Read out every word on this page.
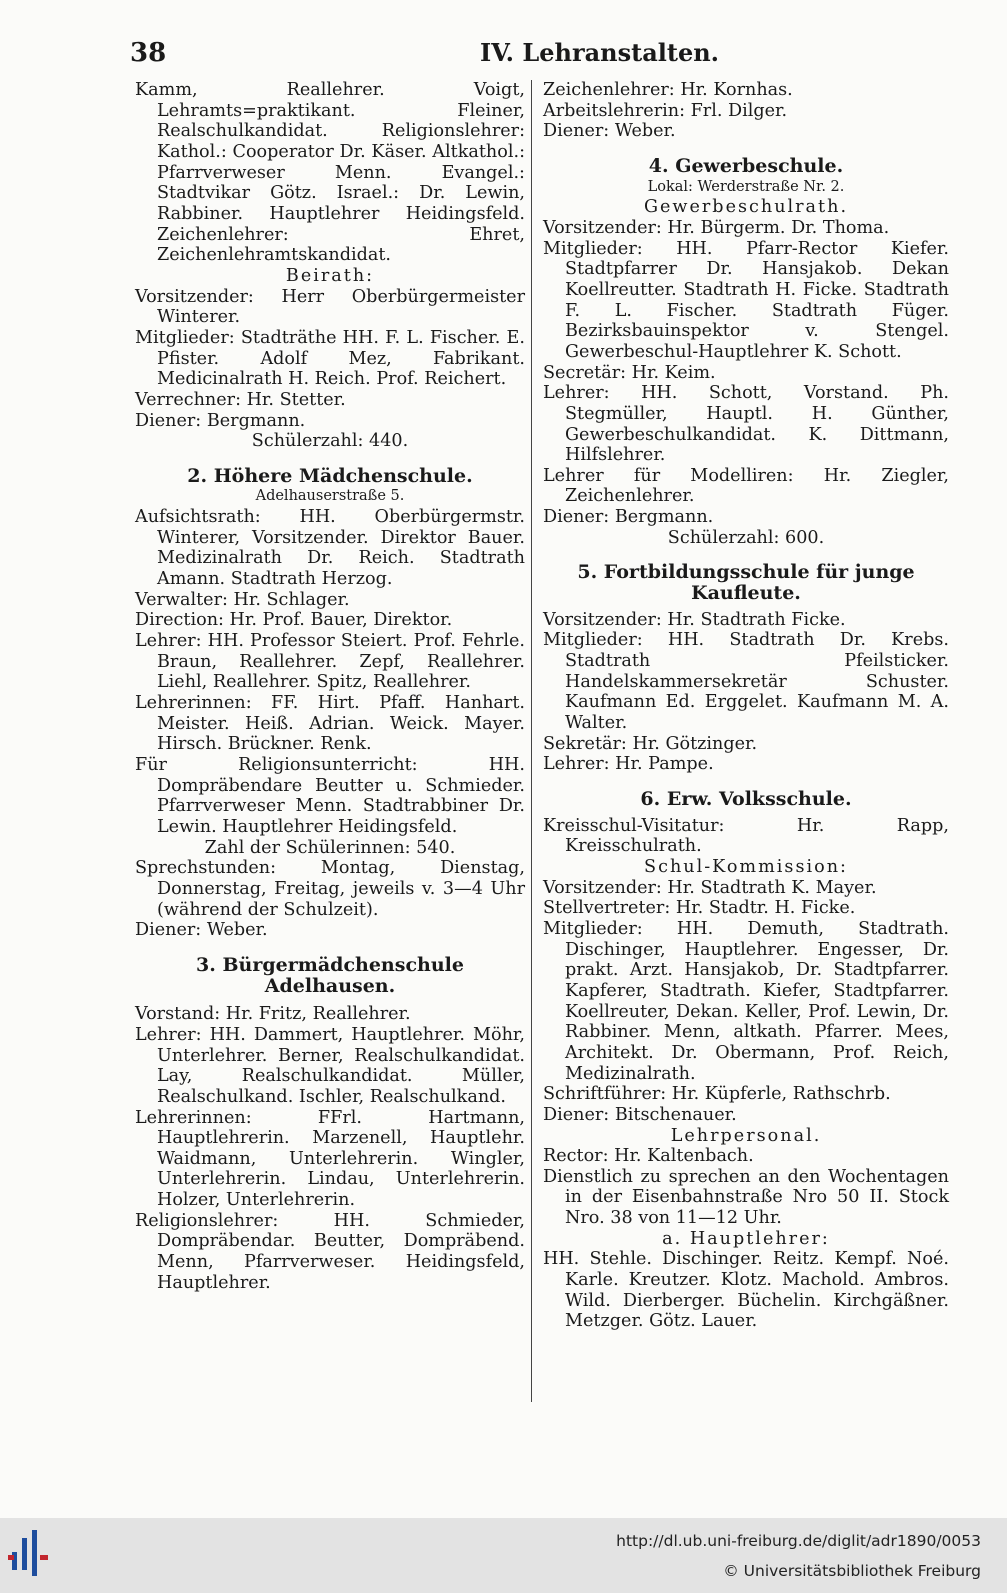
38	IV. Lehranstalten.

Kamm, Reallehrer. Voigt, Lehramts=praktikant. Fleiner, Realschulkandidat. Religionslehrer: Kathol.: Cooperator Dr. Käser. Altkathol.: Pfarrverweser Menn. Evangel.: Stadtvikar Götz. Israel.: Dr. Lewin, Rabbiner. Hauptlehrer Heidingsfeld. Zeichenlehrer: Ehret, Zeichenlehramtskandidat.

Beirath:

Vorsitzender: Herr Oberbürgermeister Winterer.

Mitglieder: Stadträthe HH. F. L. Fischer. E. Pfister. Adolf Mez, Fabrikant. Medicinalrath H. Reich. Prof. Reichert.

Verrechner: Hr. Stetter.

Diener: Bergmann.

Schülerzahl: 440.

2. Höhere Mädchenschule.

Adelhauserstraße 5.

Aufsichtsrath: HH. Oberbürgermstr. Winterer, Vorsitzender. Direktor Bauer. Medizinalrath Dr. Reich. Stadtrath Amann. Stadtrath Herzog.

Verwalter: Hr. Schlager.

Direction: Hr. Prof. Bauer, Direktor.

Lehrer: HH. Professor Steiert. Prof. Fehrle. Braun, Reallehrer. Zepf, Reallehrer. Liehl, Reallehrer. Spitz, Reallehrer.

Lehrerinnen: FF. Hirt. Pfaff. Hanhart. Meister. Heiß. Adrian. Weick. Mayer. Hirsch. Brückner. Renk.

Für Religionsunterricht: HH. Dompräbendare Beutter u. Schmieder. Pfarrverweser Menn. Stadtrabbiner Dr. Lewin. Hauptlehrer Heidingsfeld.

Zahl der Schülerinnen: 540.

Sprechstunden: Montag, Dienstag, Donnerstag, Freitag, jeweils v. 3—4 Uhr (während der Schulzeit).

Diener: Weber.

3. Bürgermädchenschule Adelhausen.

Vorstand: Hr. Fritz, Reallehrer.

Lehrer: HH. Dammert, Hauptlehrer. Möhr, Unterlehrer. Berner, Realschulkandidat. Lay, Realschulkandidat. Müller, Realschulkand. Ischler, Realschulkand.

Lehrerinnen: FFrl. Hartmann, Hauptlehrerin. Marzenell, Hauptlehr. Waidmann, Unterlehrerin. Wingler, Unterlehrerin. Lindau, Unterlehrerin. Holzer, Unterlehrerin.

Religionslehrer: HH. Schmieder, Dompräbendar. Beutter, Dompräbend. Menn, Pfarrverweser. Heidingsfeld, Hauptlehrer.

Zeichenlehrer: Hr. Kornhas.

Arbeitslehrerin: Frl. Dilger.

Diener: Weber.

4. Gewerbeschule.

Lokal: Werderstraße Nr. 2.

Gewerbeschulrath.

Vorsitzender: Hr. Bürgerm. Dr. Thoma.

Mitglieder: HH. Pfarr-Rector Kiefer. Stadtpfarrer Dr. Hansjakob. Dekan Koellreutter. Stadtrath H. Ficke. Stadtrath F. L. Fischer. Stadtrath Füger. Bezirksbauinspektor v. Stengel. Gewerbeschul-Hauptlehrer K. Schott.

Secretär: Hr. Keim.

Lehrer: HH. Schott, Vorstand. Ph. Stegmüller, Hauptl. H. Günther, Gewerbeschulkandidat. K. Dittmann, Hilfslehrer.

Lehrer für Modelliren: Hr. Ziegler, Zeichenlehrer.

Diener: Bergmann.

Schülerzahl: 600.

5. Fortbildungsschule für junge Kaufleute.

Vorsitzender: Hr. Stadtrath Ficke.

Mitglieder: HH. Stadtrath Dr. Krebs. Stadtrath Pfeilsticker. Handelskammersekretär Schuster. Kaufmann Ed. Erggelet. Kaufmann M. A. Walter.

Sekretär: Hr. Götzinger.

Lehrer: Hr. Pampe.

6. Erw. Volksschule.

Kreisschul-Visitatur: Hr. Rapp, Kreisschulrath.

Schul-Kommission:

Vorsitzender: Hr. Stadtrath K. Mayer.

Stellvertreter: Hr. Stadtr. H. Ficke.

Mitglieder: HH. Demuth, Stadtrath. Dischinger, Hauptlehrer. Engesser, Dr. prakt. Arzt. Hansjakob, Dr. Stadtpfarrer. Kapferer, Stadtrath. Kiefer, Stadtpfarrer. Koellreuter, Dekan. Keller, Prof. Lewin, Dr. Rabbiner. Menn, altkath. Pfarrer. Mees, Architekt. Dr. Obermann, Prof. Reich, Medizinalrath.

Schriftführer: Hr. Küpferle, Rathschrb.

Diener: Bitschenauer.

Lehrpersonal.

Rector: Hr. Kaltenbach.

Dienstlich zu sprechen an den Wochentagen in der Eisenbahnstraße Nro 50 II. Stock Nro. 38 von 11—12 Uhr.

a. Hauptlehrer:

HH. Stehle. Dischinger. Reitz. Kempf. Noé. Karle. Kreutzer. Klotz. Machold. Ambros. Wild. Dierberger. Büchelin. Kirchgäßner. Metzger. Götz. Lauer.

http://dl.ub.uni-freiburg.de/diglit/adr1890/0053
© Universitätsbibliothek Freiburg
